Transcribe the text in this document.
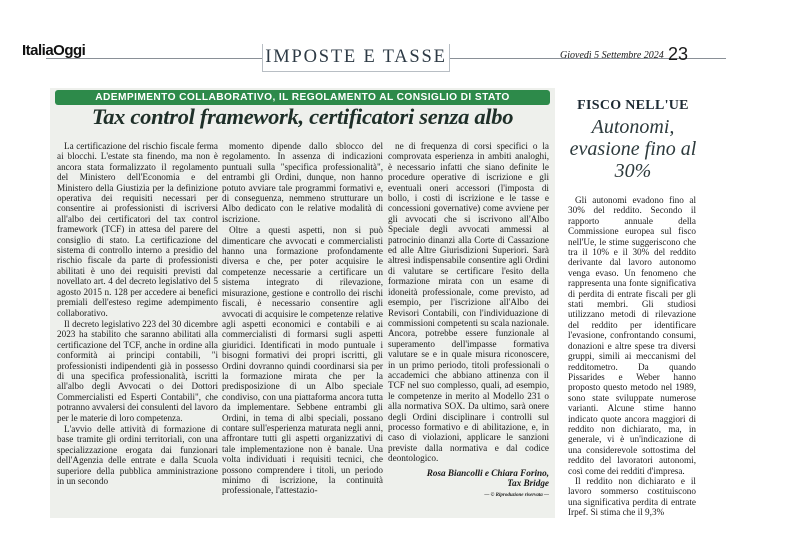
ItaliaOggi	IMPOSTE E TASSE	Giovedì 5 Settembre 2024 23
ADEMPIMENTO COLLABORATIVO, IL REGOLAMENTO AL CONSIGLIO DI STATO
Tax control framework, certificatori senza albo

La certificazione del rischio fiscale ferma ai blocchi. L'estate sta finendo, ma non è ancora stata formalizzato il regolamento del Ministero dell'Economia e del Ministero della Giustizia per la definizione operativa dei requisiti necessari per consentire ai professionisti di iscriversi all'albo dei certificatori del tax control framework (TCF) in attesa del parere del consiglio di stato. La certificazione del sistema di controllo interno a presidio del rischio fiscale da parte di professionisti abilitati è uno dei requisiti previsti dal novellato art. 4 del decreto legislativo del 5 agosto 2015 n. 128 per accedere ai benefici premiali dell'esteso regime adempimento collaborativo.

Il decreto legislativo 223 del 30 dicembre 2023 ha stabilito che saranno abilitati alla certificazione del TCF, anche in ordine alla conformità ai principi contabili, "i professionisti indipendenti già in possesso di una specifica professionalità, iscritti all'albo degli Avvocati o dei Dottori Commercialisti ed Esperti Contabili", che potranno avvalersi dei consulenti del lavoro per le materie di loro competenza.

L'avvio delle attività di formazione di base tramite gli ordini territoriali, con una specializzazione erogata dai funzionari dell'Agenzia delle entrate e dalla Scuola superiore della pubblica amministrazione in un secondo

momento dipende dallo sblocco del regolamento. In assenza di indicazioni puntuali sulla "specifica professionalità", entrambi gli Ordini, dunque, non hanno potuto avviare tale programmi formativi e, di conseguenza, nemmeno strutturare un Albo dedicato con le relative modalità di iscrizione.

Oltre a questi aspetti, non si può dimenticare che avvocati e commercialisti hanno una formazione profondamente diversa e che, per poter acquisire le competenze necessarie a certificare un sistema integrato di rilevazione, misurazione, gestione e controllo dei rischi fiscali, è necessario consentire agli avvocati di acquisire le competenze relative agli aspetti economici e contabili e ai commercialisti di formarsi sugli aspetti giuridici. Identificati in modo puntuale i bisogni formativi dei propri iscritti, gli Ordini dovranno quindi coordinarsi sia per la formazione mirata che per la predisposizione di un Albo speciale condiviso, con una piattaforma ancora tutta da implementare. Sebbene entrambi gli Ordini, in tema di albi speciali, possano contare sull'esperienza maturata negli anni, affrontare tutti gli aspetti organizzativi di tale implementazione non è banale. Una volta individuati i requisiti tecnici, che possono comprendere i titoli, un periodo minimo di iscrizione, la continuità professionale, l'attestazio-

ne di frequenza di corsi specifici o la comprovata esperienza in ambiti analoghi, è necessario infatti che siano definite le procedure operative di iscrizione e gli eventuali oneri accessori (l'imposta di bollo, i costi di iscrizione e le tasse e concessioni governative) come avviene per gli avvocati che si iscrivono all'Albo Speciale degli avvocati ammessi al patrocinio dinanzi alla Corte di Cassazione ed alle Altre Giurisdizioni Superiori. Sarà altresì indispensabile consentire agli Ordini di valutare se certificare l'esito della formazione mirata con un esame di idoneità professionale, come previsto, ad esempio, per l'iscrizione all'Albo dei Revisori Contabili, con l'individuazione di commissioni competenti su scala nazionale. Ancora, potrebbe essere funzionale al superamento dell'impasse formativa valutare se e in quale misura riconoscere, in un primo periodo, titoli professionali o accademici che abbiano attinenza con il TCF nel suo complesso, quali, ad esempio, le competenze in merito al Modello 231 o alla normativa SOX. Da ultimo, sarà onere degli Ordini disciplinare i controlli sul processo formativo e di abilitazione, e, in caso di violazioni, applicare le sanzioni previste dalla normativa e dal codice deontologico.

Rosa Biancolli e Chiara Forino,
Tax Bridge
— © Riproduzione riservata —
FISCO NELL'UE
Autonomi, evasione fino al 30%

Gli autonomi evadono fino al 30% del reddito. Secondo il rapporto annuale della Commissione europea sul fisco nell'Ue, le stime suggeriscono che tra il 10% e il 30% del reddito derivante dal lavoro autonomo venga evaso. Un fenomeno che rappresenta una fonte significativa di perdita di entrate fiscali per gli stati membri. Gli studiosi utilizzano metodi di rilevazione del reddito per identificare l'evasione, confrontando consumi, donazioni e altre spese tra diversi gruppi, simili ai meccanismi del redditometro. Da quando Pissarides e Weber hanno proposto questo metodo nel 1989, sono state sviluppate numerose varianti. Alcune stime hanno indicato quote ancora maggiori di reddito non dichiarato, ma, in generale, vi è un'indicazione di una considerevole sottostima del reddito del lavoratori autonomi, così come dei redditi d'impresa.

Il reddito non dichiarato e il lavoro sommerso costituiscono una significativa perdita di entrate Irpef. Si stima che il 9,3%
